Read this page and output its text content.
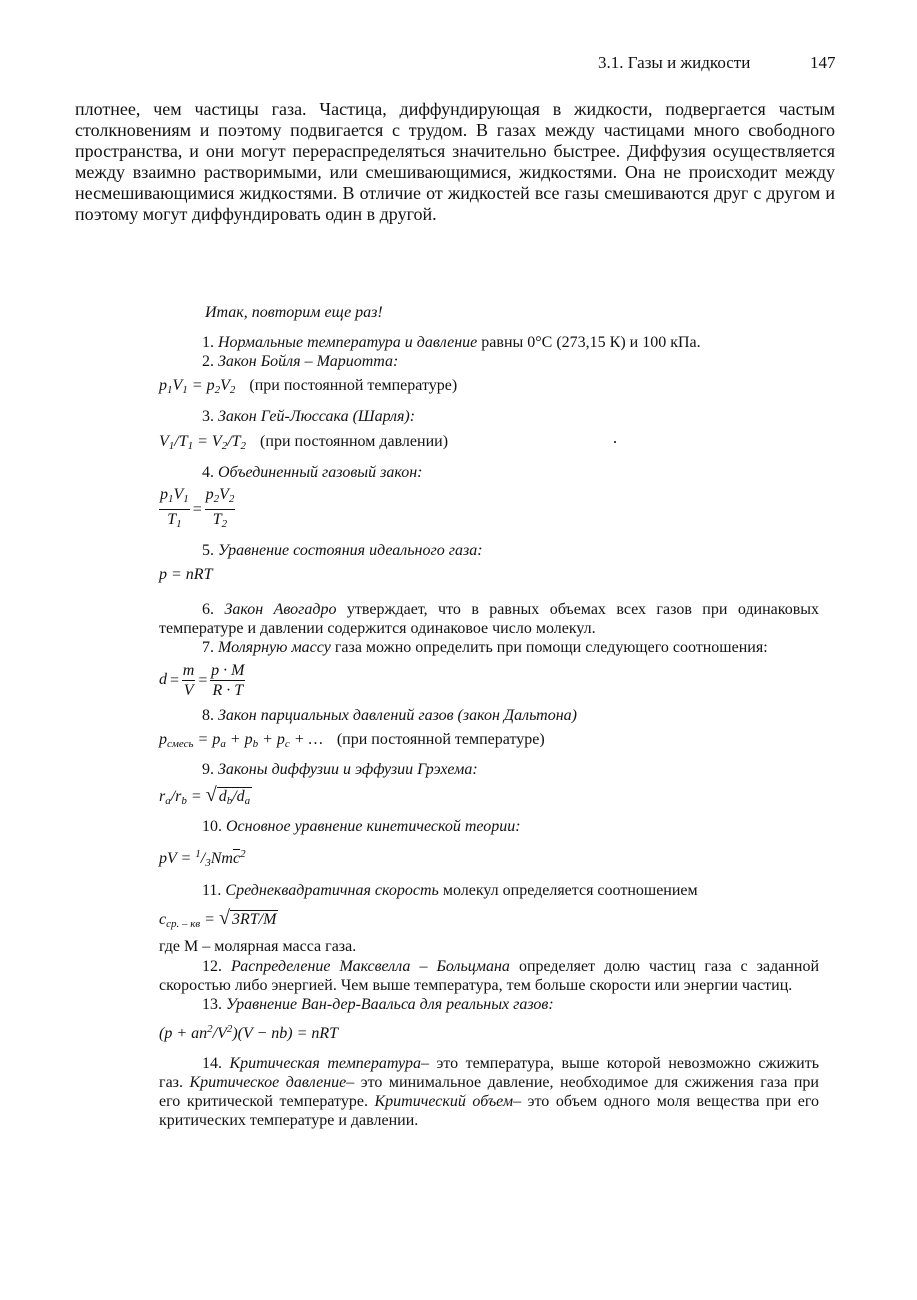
3.1. Газы и жидкости	147
плотнее, чем частицы газа. Частица, диффундирующая в жидкости, подвергается частым столкновениям и поэтому подвигается с трудом. В газах между частицами много свободного пространства, и они могут перераспределяться значительно быстрее. Диффузия осуществляется между взаимно растворимыми, или смешивающимися, жидкостями. Она не происходит между несмешивающимися жидкостями. В отличие от жидкостей все газы смешиваются друг с другом и поэтому могут диффундировать один в другой.
Итак, повторим еще раз!
1. Нормальные температура и давление равны 0°C (273,15 К) и 100 кПа.
2. Закон Бойля – Мариотта:
$p_1V_1 = p_2V_2$ (при постоянной температуре)
3. Закон Гей-Люссака (Шарля):
$V_1/T_1 = V_2/T_2$ (при постоянном давлении)
4. Объединенный газовый закон:
$\frac{p_1V_1}{T_1} = \frac{p_2V_2}{T_2}$
5. Уравнение состояния идеального газа:
p = nRT
6. Закон Авогадро утверждает, что в равных объемах всех газов при одинаковых температуре и давлении содержится одинаковое число молекул.
7. Молярную массу газа можно определить при помощи следующего соотношения:
$d = \frac{m}{V} = \frac{p \cdot M}{R \cdot T}$
8. Закон парциальных давлений газов (закон Дальтона)
$p_{смесь} = p_a + p_b + p_c$ + … (при постоянной температуре)
9. Законы диффузии и эффузии Грэхема:
$r_a/r_b$ = √ $d_b/d_a$
10. Основное уравнение кинетической теории:
pV = $^1/_3Nm\overline{c}^2$
11. Среднеквадратичная скорость молекул определяется соотношением
$c_{ср. - кв}$ = √ 3RT/M
где M – молярная масса газа.
12. Распределение Максвелла – Больцмана определяет долю частиц газа с заданной скоростью либо энергией. Чем выше температура, тем больше скорости или энергии частиц.
13. Уравнение Ван-дер-Ваальса для реальных газов:
$(p + an^2/V^2)(V - nb)$ = nRT
14. Критическая температура– это температура, выше которой невозможно сжижить газ. Критическое давление– это минимальное давление, необходимое для сжижения газа при его критической температуре. Критический объем– это объем одного моля вещества при его критических температуре и давлении.
